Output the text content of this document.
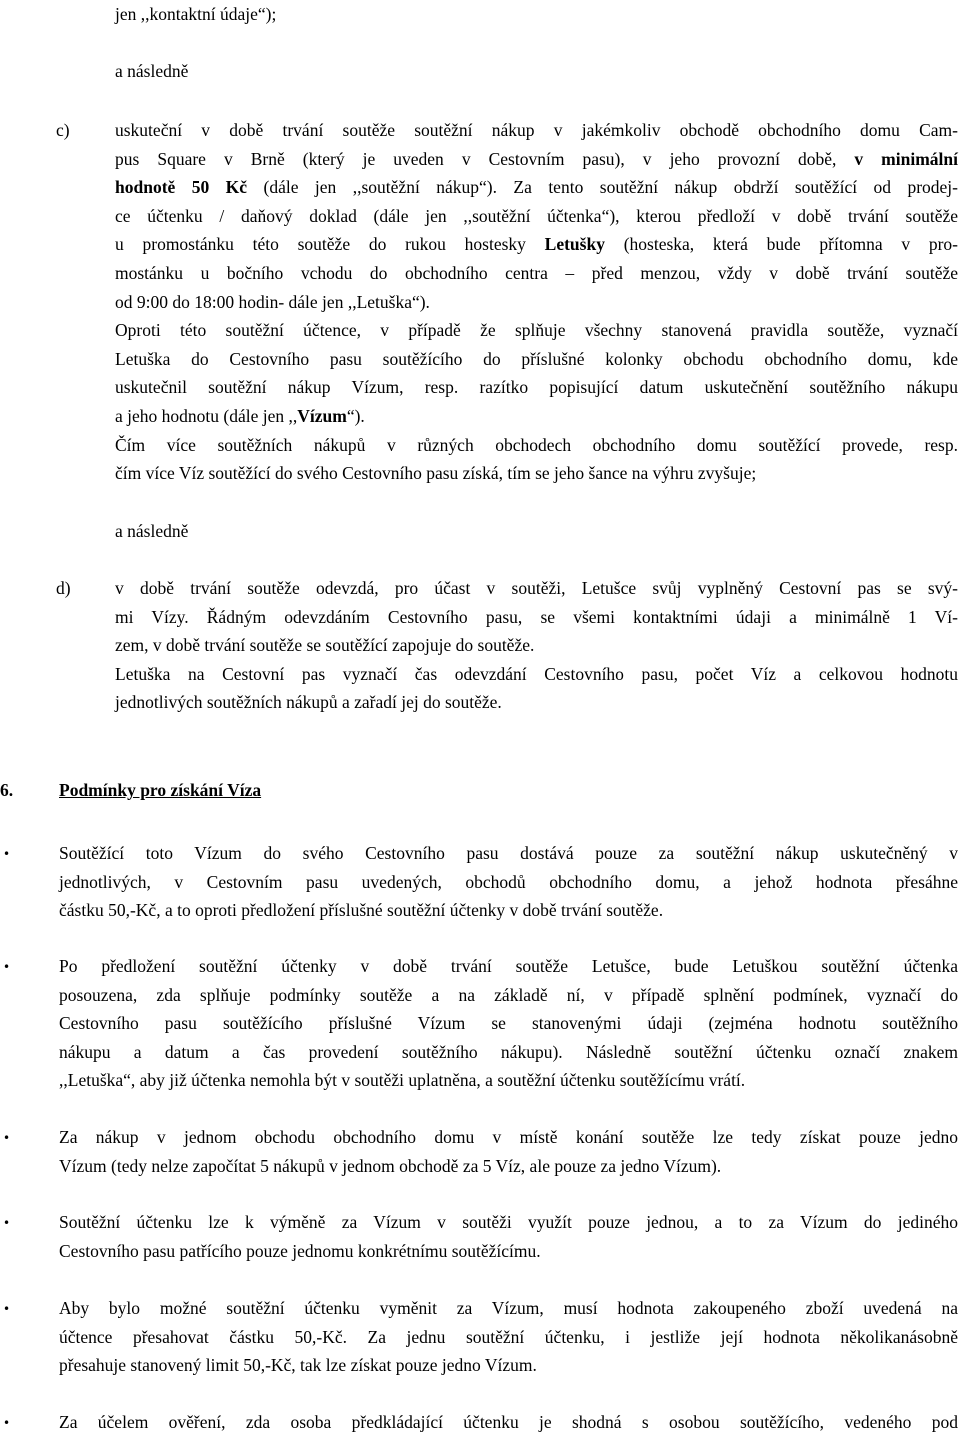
jen ,,kontaktní údaje“);
a následně
c)	uskuteční v době trvání soutěže soutěžní nákup v jakémkoliv obchodě obchodního domu Cam-
pus Square v Brně (který je uveden v Cestovním pasu), v jeho provozní době, v minimální
hodnotě 50 Kč (dále jen ,,soutěžní nákup“). Za tento soutěžní nákup obdrží soutěžící od prodej-
ce účtenku / daňový doklad (dále jen ,,soutěžní účtenka“), kterou předloží v době trvání soutěže
u promostánku této soutěže do rukou hostesky Letušky (hosteska, která bude přítomna v pro-
mostánku u bočního vchodu do obchodního centra – před menzou, vždy v době trvání soutěže
od 9:00 do 18:00 hodin- dále jen ,,Letuška“).
Oproti této soutěžní účtence, v případě že splňuje všechny stanovená pravidla soutěže, vyznačí
Letuška do Cestovního pasu soutěžícího do příslušné kolonky obchodu obchodního domu, kde
uskutečnil soutěžní nákup Vízum, resp. razítko popisující datum uskutečnění soutěžního nákupu
a jeho hodnotu (dále jen ,,Vízum“).
Čím více soutěžních nákupů v různých obchodech obchodního domu soutěžící provede, resp.
čím více Víz soutěžící do svého Cestovního pasu získá, tím se jeho šance na výhru zvyšuje;
a následně
d)	v době trvání soutěže odevzdá, pro účast v soutěži, Letušce svůj vyplněný Cestovní pas se svý-
mi Vízy. Řádným odevzdáním Cestovního pasu, se všemi kontaktními údaji a minimálně 1 Ví-
zem, v době trvání soutěže se soutěžící zapojuje do soutěže.
Letuška na Cestovní pas vyznačí čas odevzdání Cestovního pasu, počet Víz a celkovou hodnotu
jednotlivých soutěžních nákupů a zařadí jej do soutěže.
6.	Podmínky pro získání Víza
•	Soutěžící toto Vízum do svého Cestovního pasu dostává pouze za soutěžní nákup uskutečněný v
jednotlivých, v Cestovním pasu uvedených, obchodů obchodního domu, a jehož hodnota přesáhne
částku 50,-Kč, a to oproti předložení příslušné soutěžní účtenky v době trvání soutěže.
•	Po předložení soutěžní účtenky v době trvání soutěže Letušce, bude Letuškou soutěžní účtenka
posouzena, zda splňuje podmínky soutěže a na základě ní, v případě splnění podmínek, vyznačí do
Cestovního pasu soutěžícího příslušné Vízum se stanovenými údaji (zejména hodnotu soutěžního
nákupu a datum a čas provedení soutěžního nákupu). Následně soutěžní účtenku označí znakem
,,Letuška“, aby již účtenka nemohla být v soutěži uplatněna, a soutěžní účtenku soutěžícímu vrátí.
•	Za nákup v jednom obchodu obchodního domu v místě konání soutěže lze tedy získat pouze jedno
Vízum (tedy nelze započítat 5 nákupů v jednom obchodě za 5 Víz, ale pouze za jedno Vízum).
•	Soutěžní účtenku lze k výměně za Vízum v soutěži využít pouze jednou, a to za Vízum do jediného
Cestovního pasu patřícího pouze jednomu konkrétnímu soutěžícímu.
•	Aby bylo možné soutěžní účtenku vyměnit za Vízum, musí hodnota zakoupeného zboží uvedená na
účtence přesahovat částku 50,-Kč. Za jednu soutěžní účtenku, i jestliže její hodnota několikanásobně
přesahuje stanovený limit 50,-Kč, tak lze získat pouze jedno Vízum.
•	Za účelem ověření, zda osoba předkládající účtenku je shodná s osobou soutěžícího, vedeného pod
